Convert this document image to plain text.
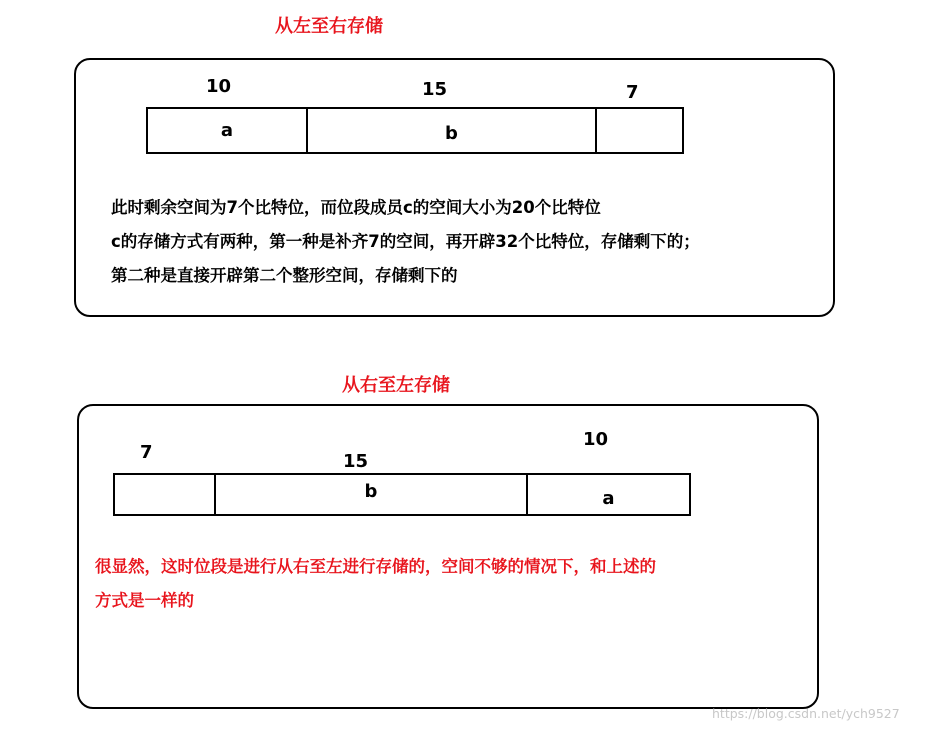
从左至右存储
10	15	7
a	b
此时剩余空间为7个比特位，而位段成员c的空间大小为20个比特位
c的存储方式有两种，第一种是补齐7的空间，再开辟32个比特位，存储剩下的；
第二种是直接开辟第二个整形空间，存储剩下的
从右至左存储
7	15
10
b	a
很显然，这时位段是进行从右至左进行存储的，空间不够的情况下，和上述的
方式是一样的
https://blog.csdn.net/ych9527
